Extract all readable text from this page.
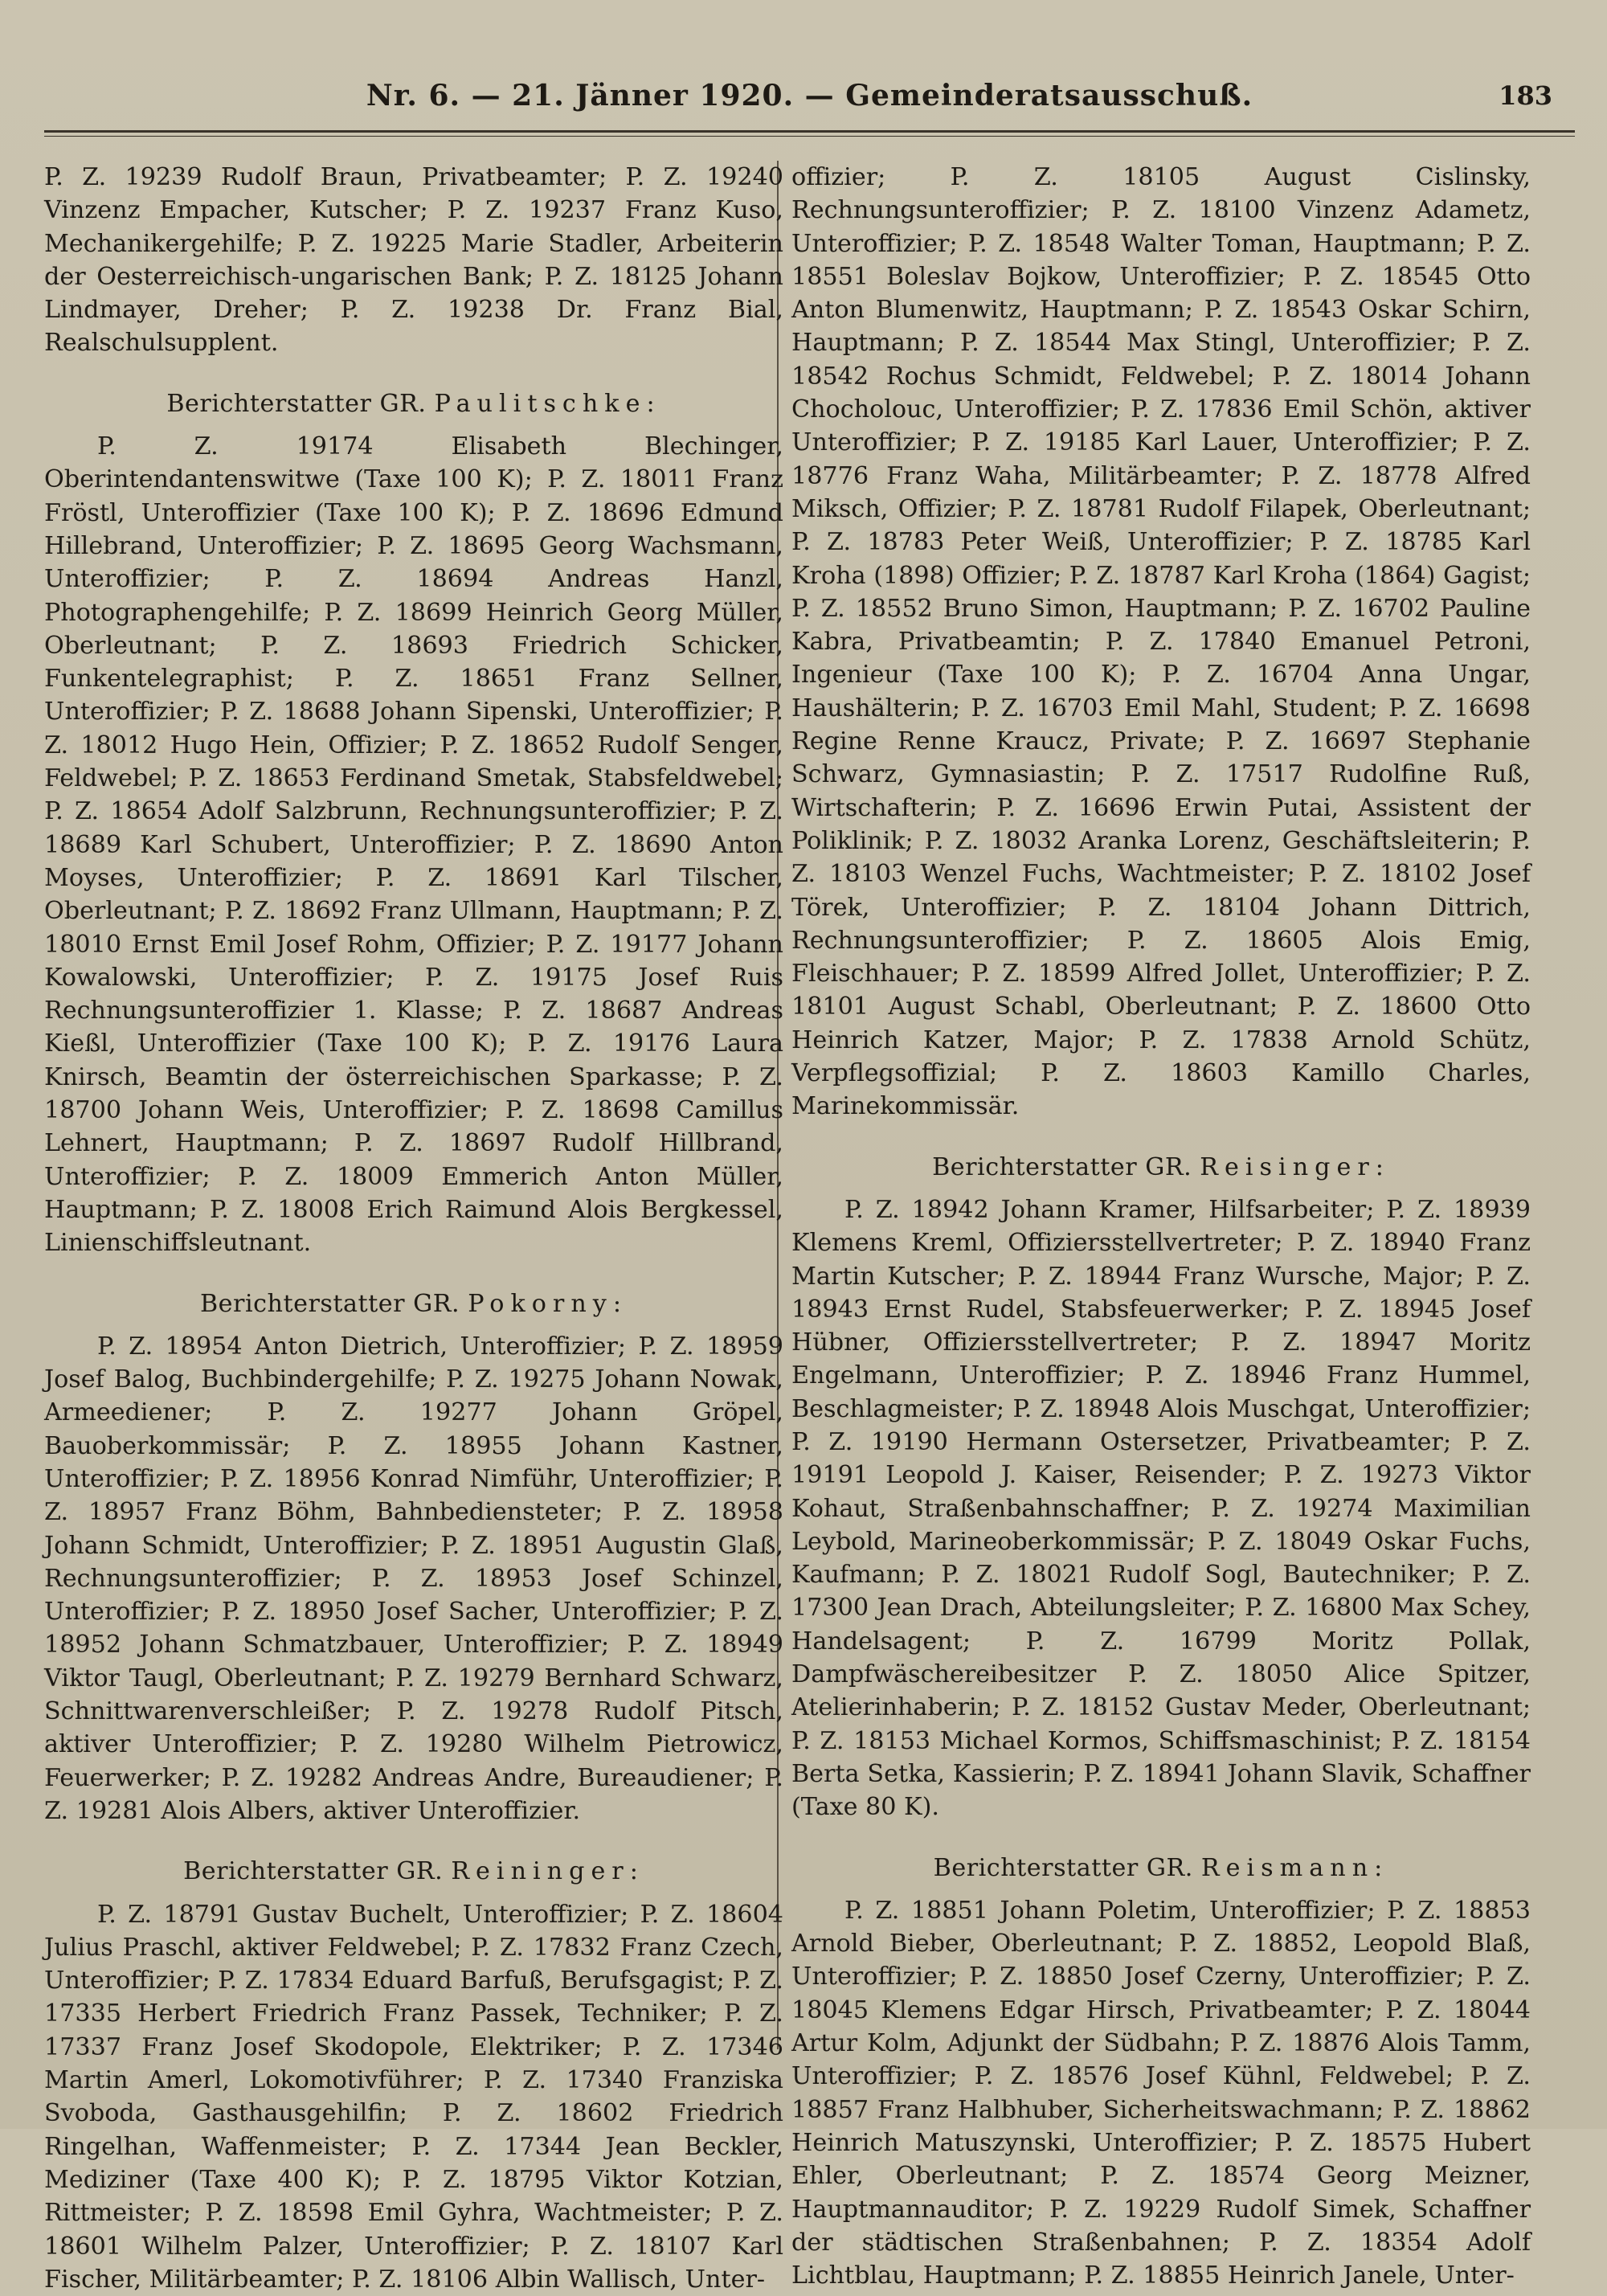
Nr. 6. — 21. Jänner 1920. — Gemeinderatsausschuß.	183

P. Z. 19239 Rudolf Braun, Privatbeamter; P. Z. 19240 Vinzenz Empacher, Kutscher; P. Z. 19237 Franz Kuso, Mechanikergehilfe; P. Z. 19225 Marie Stadler, Arbeiterin der Oesterreichisch-ungarischen Bank; P. Z. 18125 Johann Lindmayer, Dreher; P. Z. 19238 Dr. Franz Bial, Realschulsupplent.

Berichterstatter GR. Paulitschke:

P. Z. 19174 Elisabeth Blechinger, Oberintendantenswitwe (Taxe 100 K); P. Z. 18011 Franz Fröstl, Unteroffizier (Taxe 100 K); P. Z. 18696 Edmund Hillebrand, Unteroffizier; P. Z. 18695 Georg Wachsmann, Unteroffizier; P. Z. 18694 Andreas Hanzl, Photographengehilfe; P. Z. 18699 Heinrich Georg Müller, Oberleutnant; P. Z. 18693 Friedrich Schicker, Funkentelegraphist; P. Z. 18651 Franz Sellner, Unteroffizier; P. Z. 18688 Johann Sipenski, Unteroffizier; P. Z. 18012 Hugo Hein, Offizier; P. Z. 18652 Rudolf Senger, Feldwebel; P. Z. 18653 Ferdinand Smetak, Stabsfeldwebel; P. Z. 18654 Adolf Salzbrunn, Rechnungsunteroffizier; P. Z. 18689 Karl Schubert, Unteroffizier; P. Z. 18690 Anton Moyses, Unteroffizier; P. Z. 18691 Karl Tilscher, Oberleutnant; P. Z. 18692 Franz Ullmann, Hauptmann; P. Z. 18010 Ernst Emil Josef Rohm, Offizier; P. Z. 19177 Johann Kowalowski, Unteroffizier; P. Z. 19175 Josef Ruis Rechnungsunteroffizier 1. Klasse; P. Z. 18687 Andreas Kießl, Unteroffizier (Taxe 100 K); P. Z. 19176 Laura Knirsch, Beamtin der österreichischen Sparkasse; P. Z. 18700 Johann Weis, Unteroffizier; P. Z. 18698 Camillus Lehnert, Hauptmann; P. Z. 18697 Rudolf Hillbrand, Unteroffizier; P. Z. 18009 Emmerich Anton Müller, Hauptmann; P. Z. 18008 Erich Raimund Alois Bergkessel, Linienschiffsleutnant.

Berichterstatter GR. Pokorny:

P. Z. 18954 Anton Dietrich, Unteroffizier; P. Z. 18959 Josef Balog, Buchbindergehilfe; P. Z. 19275 Johann Nowak, Armeediener; P. Z. 19277 Johann Gröpel, Bauoberkommissär; P. Z. 18955 Johann Kastner, Unteroffizier; P. Z. 18956 Konrad Nimführ, Unteroffizier; P. Z. 18957 Franz Böhm, Bahnbediensteter; P. Z. 18958 Johann Schmidt, Unteroffizier; P. Z. 18951 Augustin Glaß, Rechnungsunteroffizier; P. Z. 18953 Josef Schinzel, Unteroffizier; P. Z. 18950 Josef Sacher, Unteroffizier; P. Z. 18952 Johann Schmatzbauer, Unteroffizier; P. Z. 18949 Viktor Taugl, Oberleutnant; P. Z. 19279 Bernhard Schwarz, Schnittwarenverschleißer; P. Z. 19278 Rudolf Pitsch, aktiver Unteroffizier; P. Z. 19280 Wilhelm Pietrowicz, Feuerwerker; P. Z. 19282 Andreas Andre, Bureaudiener; P. Z. 19281 Alois Albers, aktiver Unteroffizier.

Berichterstatter GR. Reininger:

P. Z. 18791 Gustav Buchelt, Unteroffizier; P. Z. 18604 Julius Praschl, aktiver Feldwebel; P. Z. 17832 Franz Czech, Unteroffizier; P. Z. 17834 Eduard Barfuß, Berufsgagist; P. Z. 17335 Herbert Friedrich Franz Passek, Techniker; P. Z. 17337 Franz Josef Skodopole, Elektriker; P. Z. 17346 Martin Amerl, Lokomotivführer; P. Z. 17340 Franziska Svoboda, Gasthausgehilfin; P. Z. 18602 Friedrich Ringelhan, Waffenmeister; P. Z. 17344 Jean Beckler, Mediziner (Taxe 400 K); P. Z. 18795 Viktor Kotzian, Rittmeister; P. Z. 18598 Emil Gyhra, Wachtmeister; P. Z. 18601 Wilhelm Palzer, Unteroffizier; P. Z. 18107 Karl Fischer, Militärbeamter; P. Z. 18106 Albin Wallisch, Unter-

offizier; P. Z. 18105 August Cislinsky, Rechnungsunteroffizier; P. Z. 18100 Vinzenz Adametz, Unteroffizier; P. Z. 18548 Walter Toman, Hauptmann; P. Z. 18551 Boleslav Bojkow, Unteroffizier; P. Z. 18545 Otto Anton Blumenwitz, Hauptmann; P. Z. 18543 Oskar Schirn, Hauptmann; P. Z. 18544 Max Stingl, Unteroffizier; P. Z. 18542 Rochus Schmidt, Feldwebel; P. Z. 18014 Johann Chocholouc, Unteroffizier; P. Z. 17836 Emil Schön, aktiver Unteroffizier; P. Z. 19185 Karl Lauer, Unteroffizier; P. Z. 18776 Franz Waha, Militärbeamter; P. Z. 18778 Alfred Miksch, Offizier; P. Z. 18781 Rudolf Filapek, Oberleutnant; P. Z. 18783 Peter Weiß, Unteroffizier; P. Z. 18785 Karl Kroha (1898) Offizier; P. Z. 18787 Karl Kroha (1864) Gagist; P. Z. 18552 Bruno Simon, Hauptmann; P. Z. 16702 Pauline Kabra, Privatbeamtin; P. Z. 17840 Emanuel Petroni, Ingenieur (Taxe 100 K); P. Z. 16704 Anna Ungar, Haushälterin; P. Z. 16703 Emil Mahl, Student; P. Z. 16698 Regine Renne Kraucz, Private; P. Z. 16697 Stephanie Schwarz, Gymnasiastin; P. Z. 17517 Rudolfine Ruß, Wirtschafterin; P. Z. 16696 Erwin Putai, Assistent der Poliklinik; P. Z. 18032 Aranka Lorenz, Geschäftsleiterin; P. Z. 18103 Wenzel Fuchs, Wachtmeister; P. Z. 18102 Josef Törek, Unteroffizier; P. Z. 18104 Johann Dittrich, Rechnungsunteroffizier; P. Z. 18605 Alois Emig, Fleischhauer; P. Z. 18599 Alfred Jollet, Unteroffizier; P. Z. 18101 August Schabl, Oberleutnant; P. Z. 18600 Otto Heinrich Katzer, Major; P. Z. 17838 Arnold Schütz, Verpflegsoffizial; P. Z. 18603 Kamillo Charles, Marinekommissär.

Berichterstatter GR. Reisinger:

P. Z. 18942 Johann Kramer, Hilfsarbeiter; P. Z. 18939 Klemens Kreml, Offiziersstellvertreter; P. Z. 18940 Franz Martin Kutscher; P. Z. 18944 Franz Wursche, Major; P. Z. 18943 Ernst Rudel, Stabsfeuerwerker; P. Z. 18945 Josef Hübner, Offiziersstellvertreter; P. Z. 18947 Moritz Engelmann, Unteroffizier; P. Z. 18946 Franz Hummel, Beschlagmeister; P. Z. 18948 Alois Muschgat, Unteroffizier; P. Z. 19190 Hermann Ostersetzer, Privatbeamter; P. Z. 19191 Leopold J. Kaiser, Reisender; P. Z. 19273 Viktor Kohaut, Straßenbahnschaffner; P. Z. 19274 Maximilian Leybold, Marineoberkommissär; P. Z. 18049 Oskar Fuchs, Kaufmann; P. Z. 18021 Rudolf Sogl, Bautechniker; P. Z. 17300 Jean Drach, Abteilungsleiter; P. Z. 16800 Max Schey, Handelsagent; P. Z. 16799 Moritz Pollak, Dampfwäschereibesitzer P. Z. 18050 Alice Spitzer, Atelierinhaberin; P. Z. 18152 Gustav Meder, Oberleutnant; P. Z. 18153 Michael Kormos, Schiffsmaschinist; P. Z. 18154 Berta Setka, Kassierin; P. Z. 18941 Johann Slavik, Schaffner (Taxe 80 K).

Berichterstatter GR. Reismann:

P. Z. 18851 Johann Poletim, Unteroffizier; P. Z. 18853 Arnold Bieber, Oberleutnant; P. Z. 18852, Leopold Blaß, Unteroffizier; P. Z. 18850 Josef Czerny, Unteroffizier; P. Z. 18045 Klemens Edgar Hirsch, Privatbeamter; P. Z. 18044 Artur Kolm, Adjunkt der Südbahn; P. Z. 18876 Alois Tamm, Unteroffizier; P. Z. 18576 Josef Kühnl, Feldwebel; P. Z. 18857 Franz Halbhuber, Sicherheitswachmann; P. Z. 18862 Heinrich Matuszynski, Unteroffizier; P. Z. 18575 Hubert Ehler, Oberleutnant; P. Z. 18574 Georg Meizner, Hauptmannauditor; P. Z. 19229 Rudolf Simek, Schaffner der städtischen Straßenbahnen; P. Z. 18354 Adolf Lichtblau, Hauptmann; P. Z. 18855 Heinrich Janele, Unter-
